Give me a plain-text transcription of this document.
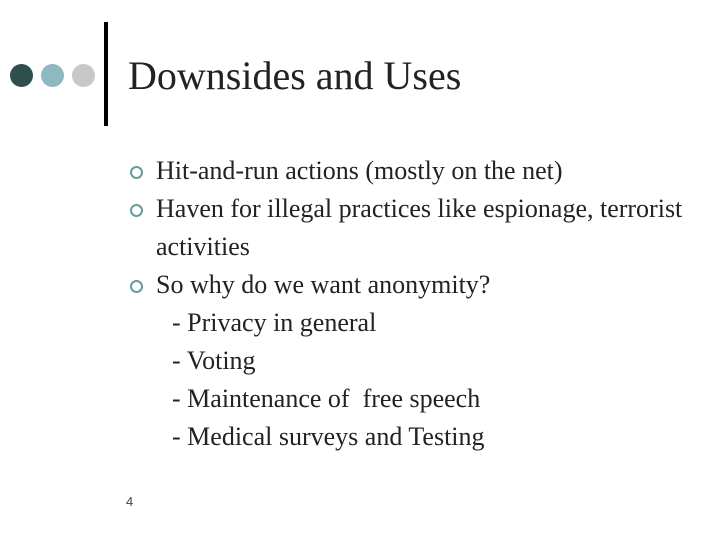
Downsides and Uses
Hit-and-run actions (mostly on the net)
Haven for illegal practices like espionage, terrorist activities
So why do we want anonymity?
- Privacy in general
- Voting
- Maintenance of  free speech
- Medical surveys and Testing
4
